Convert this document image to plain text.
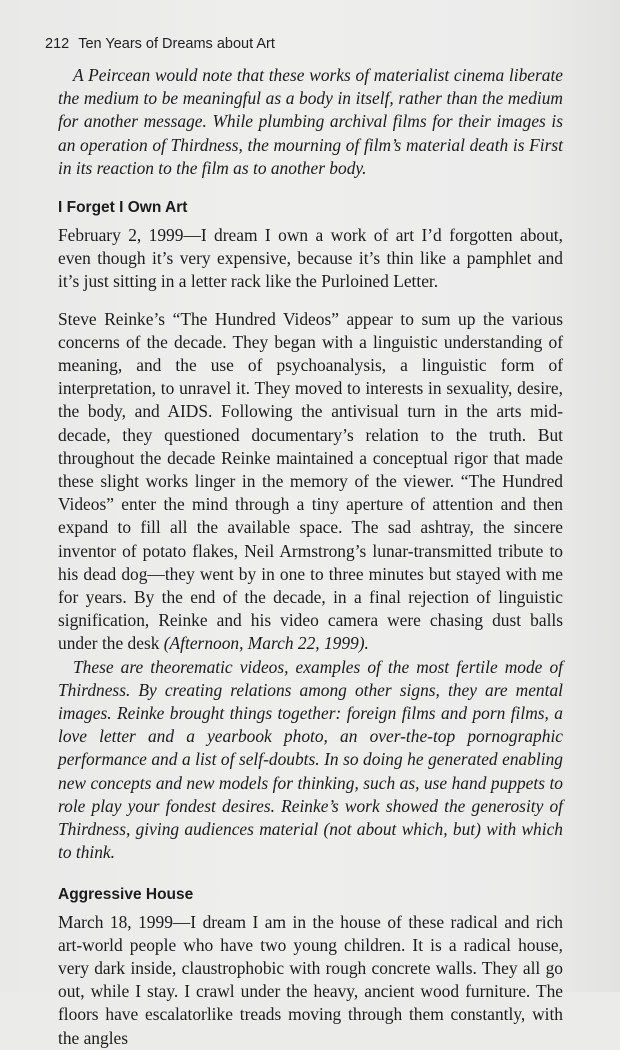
212 Ten Years of Dreams about Art

A Peircean would note that these works of materialist cinema liberate the medium to be meaningful as a body in itself, rather than the medium for another message. While plumbing archival films for their images is an operation of Thirdness, the mourning of film’s material death is First in its reaction to the film as to another body.

I Forget I Own Art

February 2, 1999—I dream I own a work of art I’d forgotten about, even though it’s very expensive, because it’s thin like a pamphlet and it’s just sitting in a letter rack like the Purloined Letter.

Steve Reinke’s “The Hundred Videos” appear to sum up the various concerns of the decade. They began with a linguistic understanding of meaning, and the use of psychoanalysis, a linguistic form of interpretation, to unravel it. They moved to interests in sexuality, desire, the body, and AIDS. Following the antivisual turn in the arts mid-decade, they questioned documentary’s relation to the truth. But throughout the decade Reinke maintained a conceptual rigor that made these slight works linger in the memory of the viewer. “The Hundred Videos” enter the mind through a tiny aperture of attention and then expand to fill all the available space. The sad ashtray, the sincere inventor of potato flakes, Neil Armstrong’s lunar-transmitted tribute to his dead dog—they went by in one to three minutes but stayed with me for years. By the end of the decade, in a final rejection of linguistic signification, Reinke and his video camera were chasing dust balls under the desk (Afternoon, March 22, 1999).

These are theorematic videos, examples of the most fertile mode of Thirdness. By creating relations among other signs, they are mental images. Reinke brought things together: foreign films and porn films, a love letter and a yearbook photo, an over-the-top pornographic performance and a list of self-doubts. In so doing he generated enabling new concepts and new models for thinking, such as, use hand puppets to role play your fondest desires. Reinke’s work showed the generosity of Thirdness, giving audiences material (not about which, but) with which to think.

Aggressive House

March 18, 1999—I dream I am in the house of these radical and rich art-world people who have two young children. It is a radical house, very dark inside, claustrophobic with rough concrete walls. They all go out, while I stay. I crawl under the heavy, ancient wood furniture. The floors have escalatorlike treads moving through them constantly, with the angles
